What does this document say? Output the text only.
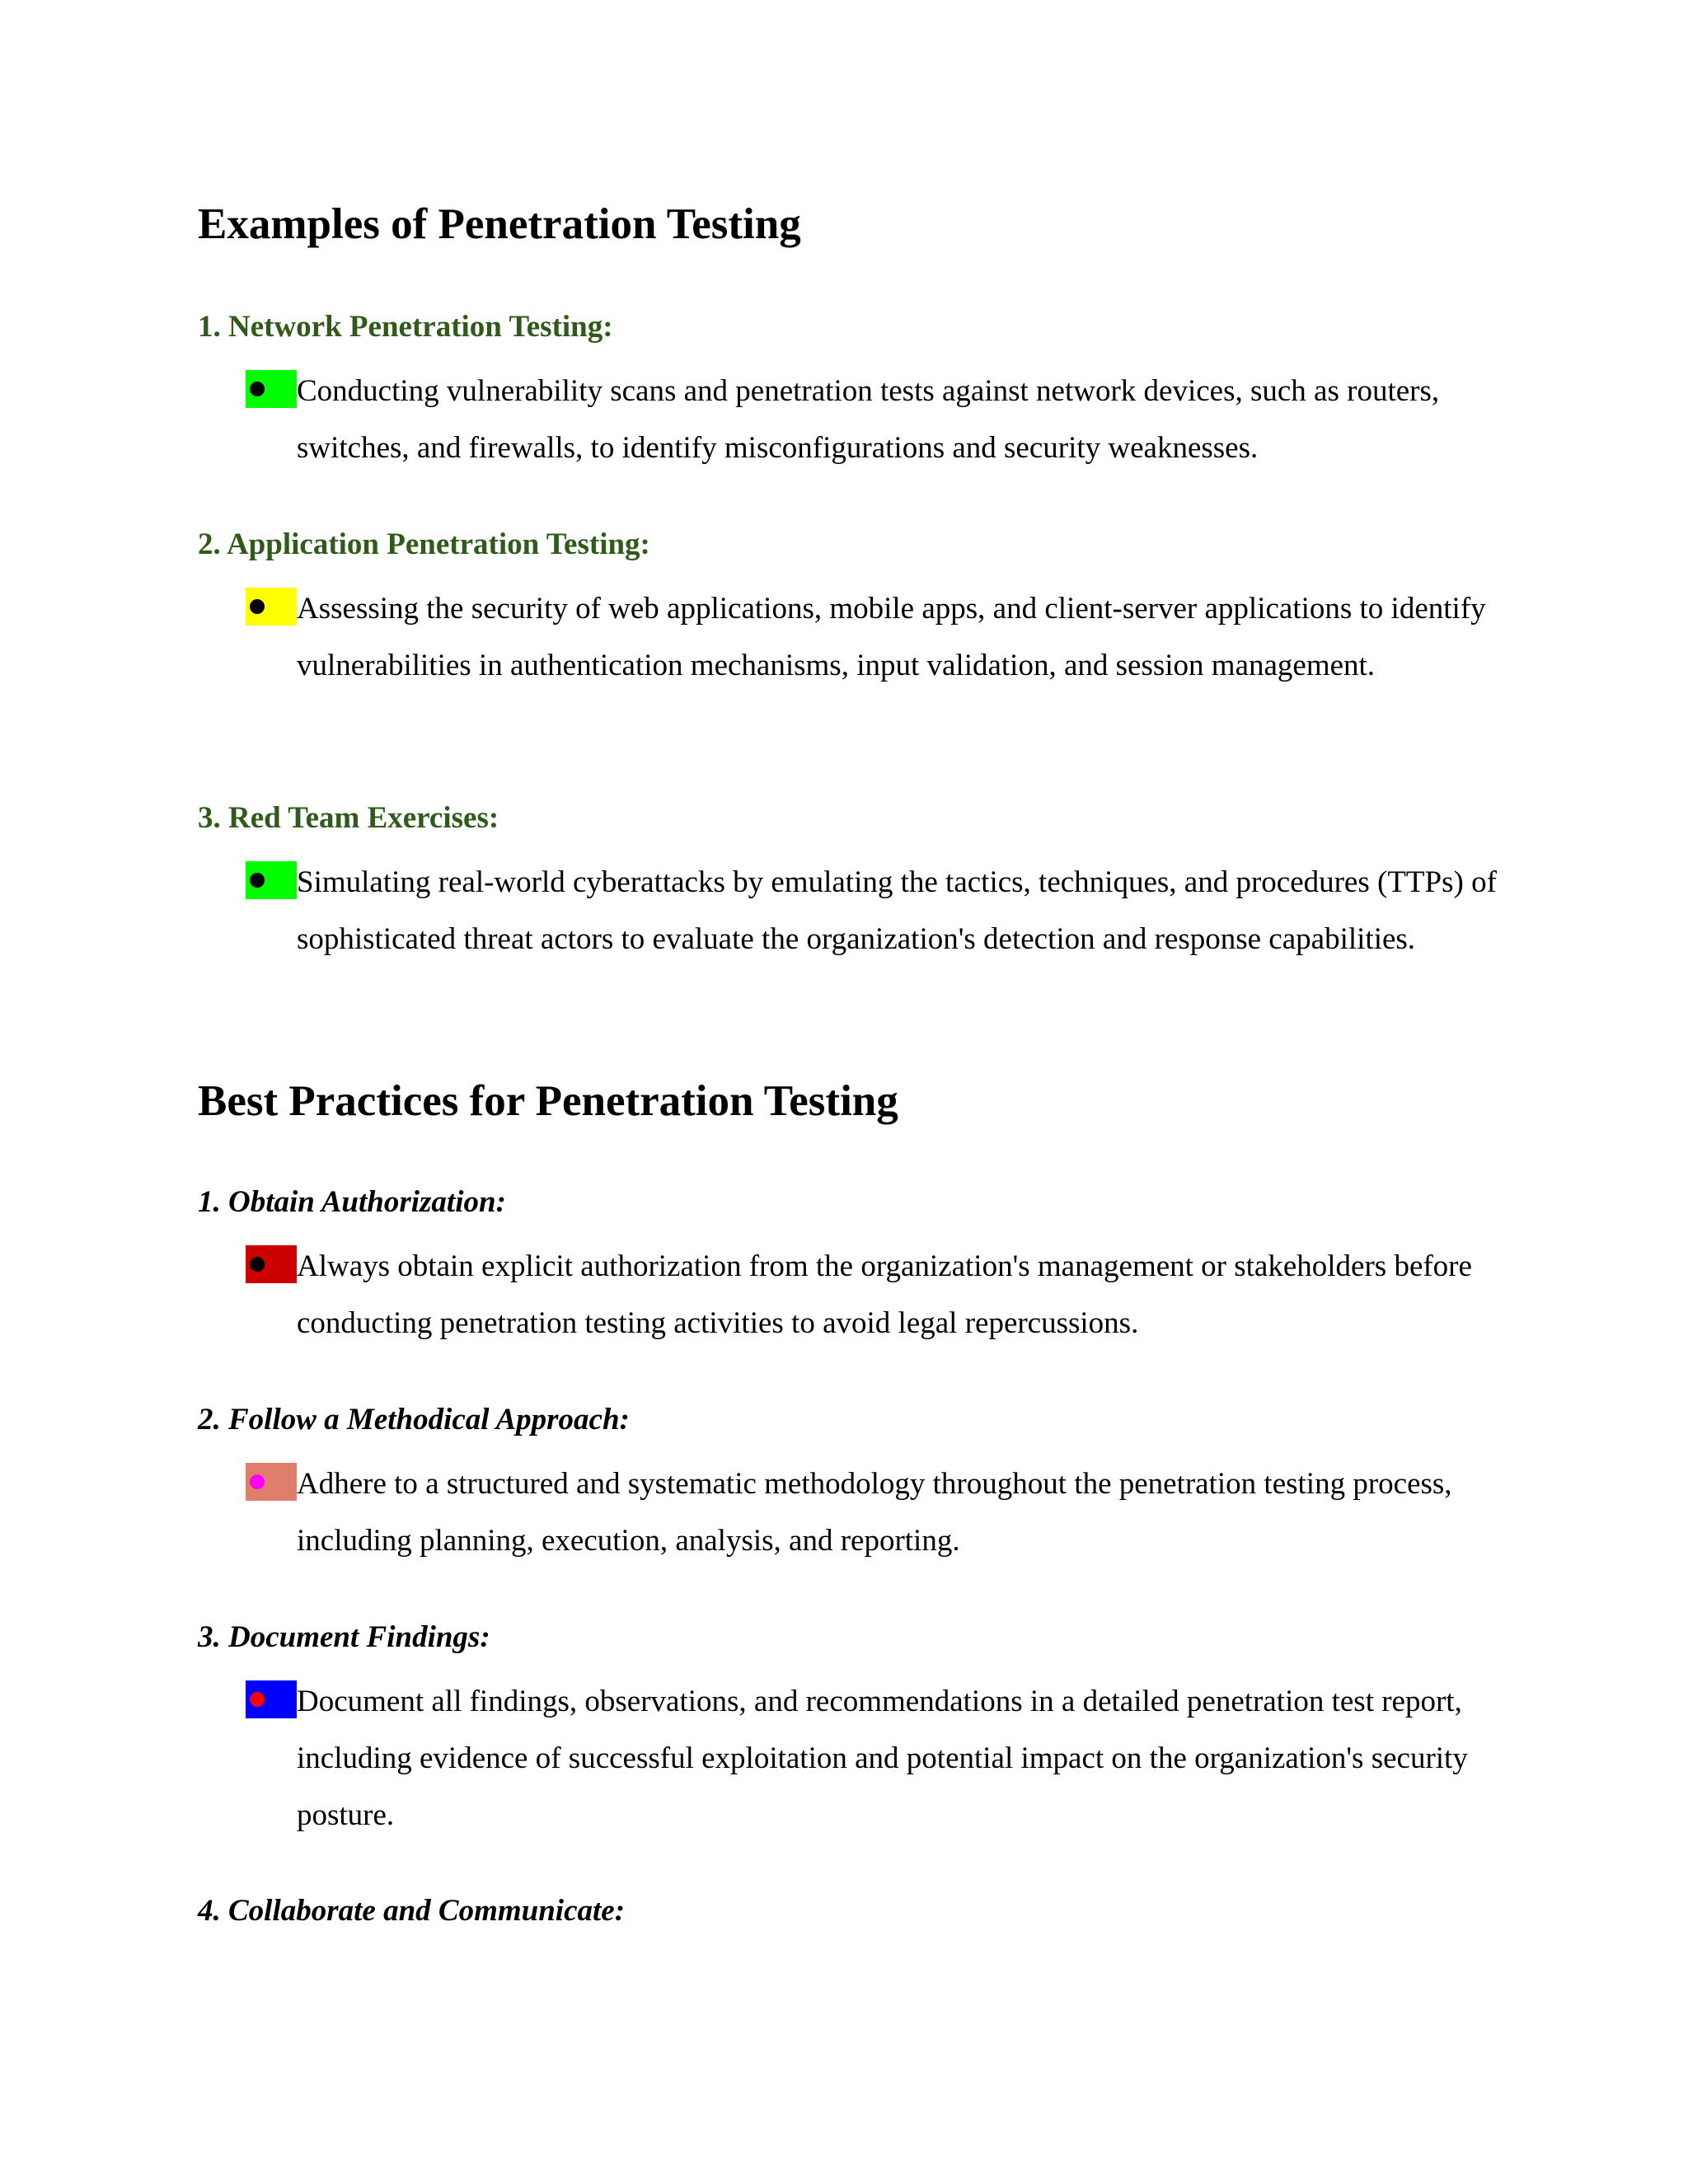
Examples of Penetration Testing
1. Network Penetration Testing:
Conducting vulnerability scans and penetration tests against network devices, such as routers, switches, and firewalls, to identify misconfigurations and security weaknesses.
2. Application Penetration Testing:
Assessing the security of web applications, mobile apps, and client-server applications to identify vulnerabilities in authentication mechanisms, input validation, and session management.
3. Red Team Exercises:
Simulating real-world cyberattacks by emulating the tactics, techniques, and procedures (TTPs) of sophisticated threat actors to evaluate the organization's detection and response capabilities.
Best Practices for Penetration Testing
1. Obtain Authorization:
Always obtain explicit authorization from the organization's management or stakeholders before conducting penetration testing activities to avoid legal repercussions.
2. Follow a Methodical Approach:
Adhere to a structured and systematic methodology throughout the penetration testing process, including planning, execution, analysis, and reporting.
3. Document Findings:
Document all findings, observations, and recommendations in a detailed penetration test report, including evidence of successful exploitation and potential impact on the organization's security posture.
4. Collaborate and Communicate:
